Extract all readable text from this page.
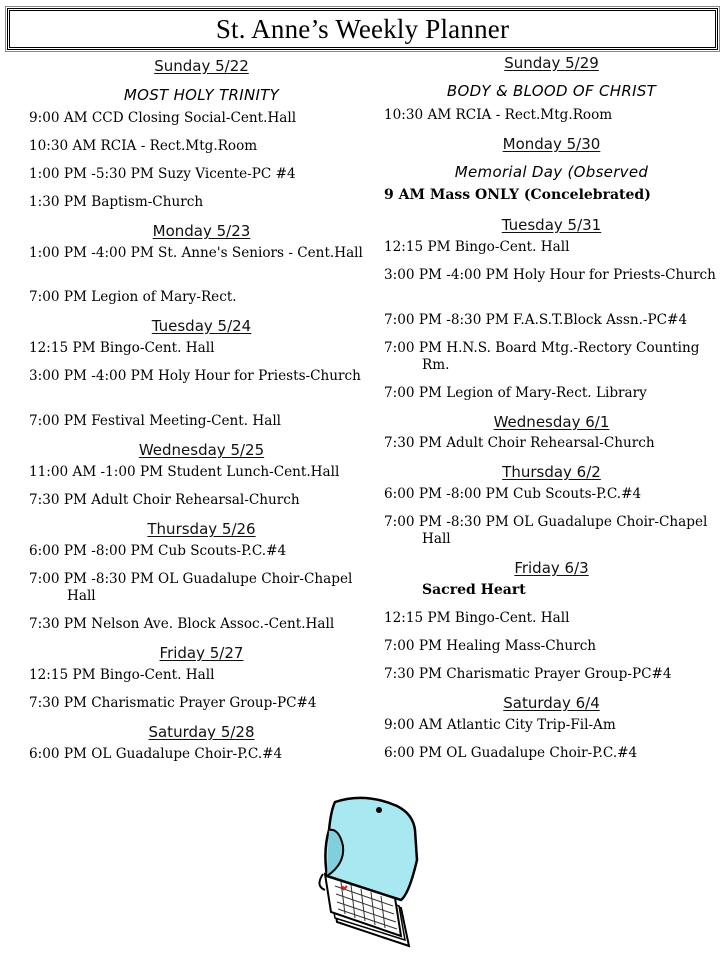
St. Anne’s Weekly Planner
Sunday 5/22
MOST HOLY TRINITY
9:00 AM CCD Closing Social-Cent.Hall
10:30 AM RCIA - Rect.Mtg.Room
1:00 PM -5:30 PM Suzy Vicente-PC #4
1:30 PM Baptism-Church
Monday 5/23
1:00 PM -4:00 PM St. Anne's Seniors - Cent.Hall
7:00 PM Legion of Mary-Rect.
Tuesday 5/24
12:15 PM Bingo-Cent. Hall
3:00 PM -4:00 PM Holy Hour for Priests-Church
7:00 PM Festival Meeting-Cent. Hall
Wednesday 5/25
11:00 AM -1:00 PM Student Lunch-Cent.Hall
7:30 PM Adult Choir Rehearsal-Church
Thursday 5/26
6:00 PM -8:00 PM Cub Scouts-P.C.#4
7:00 PM -8:30 PM OL Guadalupe Choir-Chapel Hall
7:30 PM Nelson Ave. Block Assoc.-Cent.Hall
Friday 5/27
12:15 PM Bingo-Cent. Hall
7:30 PM Charismatic Prayer Group-PC#4
Saturday 5/28
6:00 PM OL Guadalupe Choir-P.C.#4
Sunday 5/29
BODY & BLOOD OF CHRIST
10:30 AM RCIA - Rect.Mtg.Room
Monday 5/30
Memorial Day (Observed
9 AM Mass ONLY (Concelebrated)
Tuesday 5/31
12:15 PM Bingo-Cent. Hall
3:00 PM -4:00 PM Holy Hour for Priests-Church
7:00 PM -8:30 PM F.A.S.T.Block Assn.-PC#4
7:00 PM H.N.S. Board Mtg.-Rectory Counting Rm.
7:00 PM Legion of Mary-Rect. Library
Wednesday 6/1
7:30 PM Adult Choir Rehearsal-Church
Thursday 6/2
6:00 PM -8:00 PM Cub Scouts-P.C.#4
7:00 PM -8:30 PM OL Guadalupe Choir-Chapel Hall
Friday 6/3
Sacred Heart
12:15 PM Bingo-Cent. Hall
7:00 PM Healing Mass-Church
7:30 PM Charismatic Prayer Group-PC#4
Saturday 6/4
9:00 AM Atlantic City Trip-Fil-Am
6:00 PM OL Guadalupe Choir-P.C.#4
